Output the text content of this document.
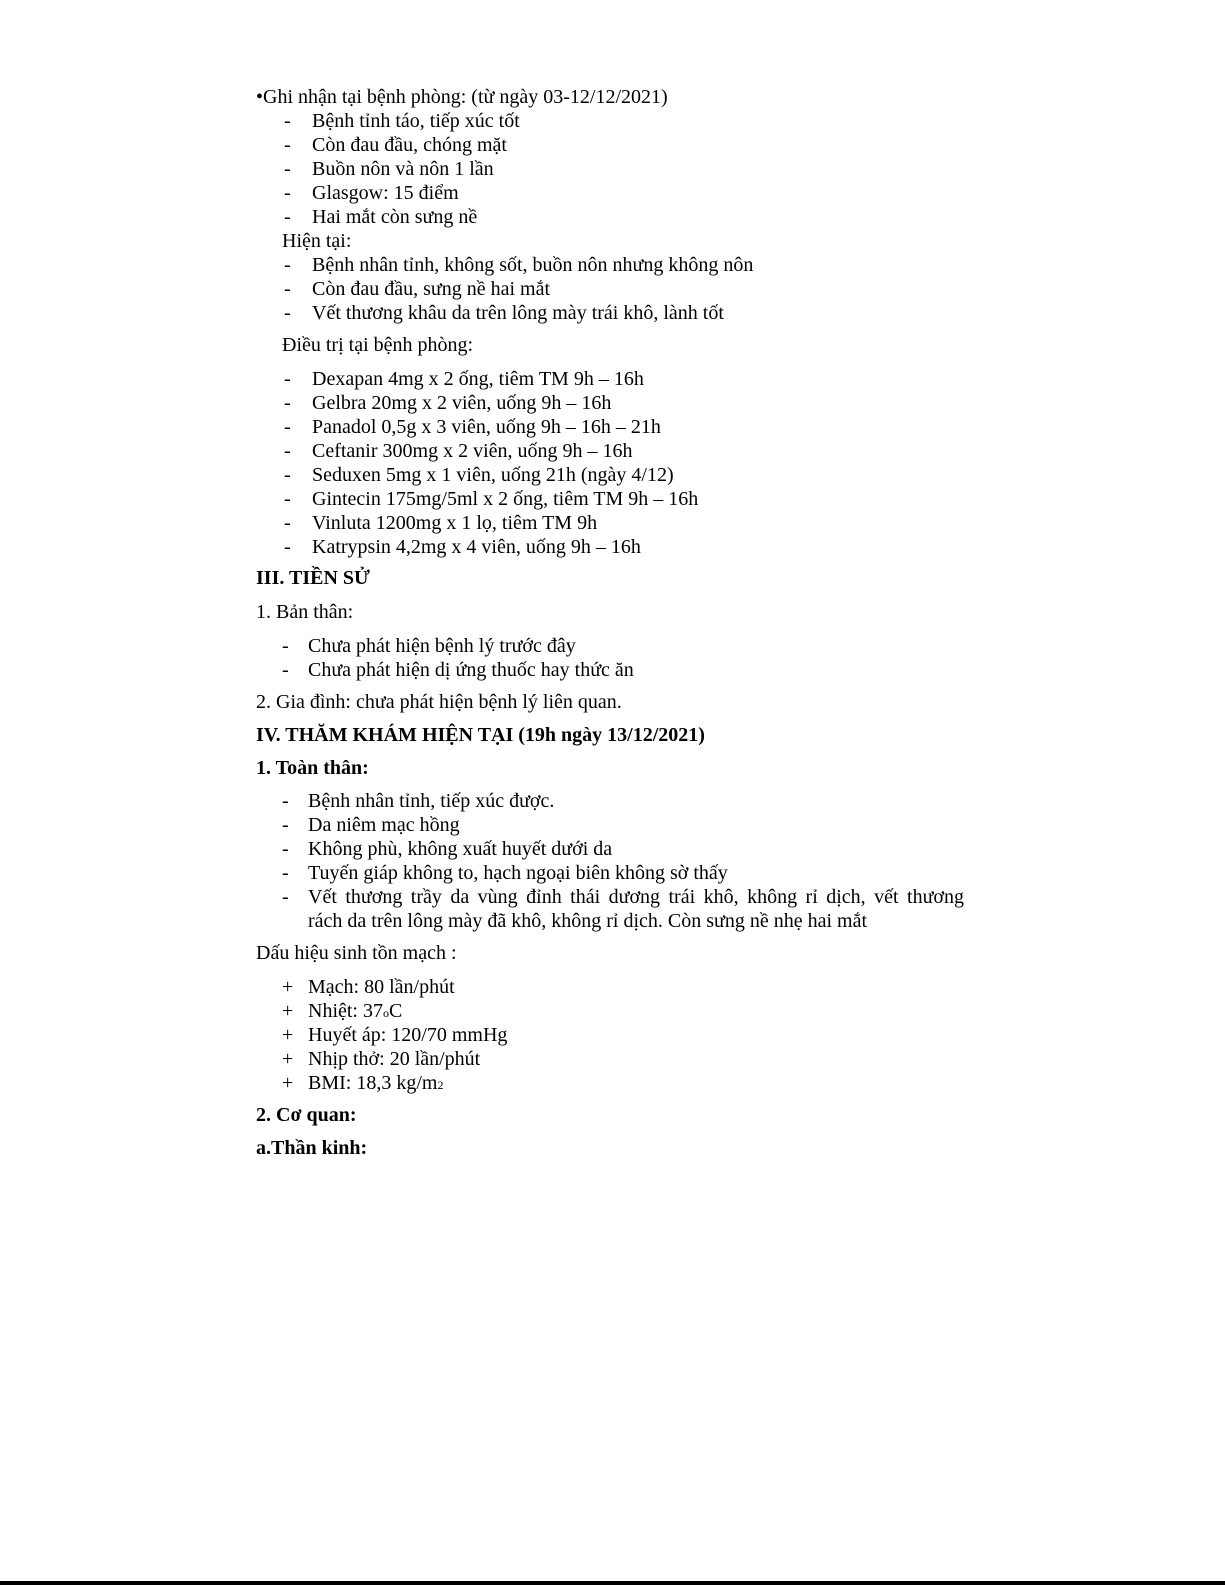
•Ghi nhận tại bệnh phòng: (từ ngày 03-12/12/2021)
- Bệnh tỉnh táo, tiếp xúc tốt
- Còn đau đầu, chóng mặt
- Buồn nôn và nôn 1 lần
- Glasgow: 15 điểm
- Hai mắt còn sưng nề
Hiện tại:
- Bệnh nhân tỉnh, không sốt, buồn nôn nhưng không nôn
- Còn đau đầu, sưng nề hai mắt
- Vết thương khâu da trên lông mày trái khô, lành tốt
Điều trị tại bệnh phòng:
- Dexapan 4mg x 2 ống, tiêm TM 9h – 16h
- Gelbra 20mg x 2 viên, uống 9h – 16h
- Panadol 0,5g x 3 viên, uống 9h – 16h – 21h
- Ceftanir 300mg x 2 viên, uống 9h – 16h
- Seduxen 5mg x 1 viên, uống 21h (ngày 4/12)
- Gintecin 175mg/5ml x 2 ống, tiêm TM 9h – 16h
- Vinluta 1200mg x 1 lọ, tiêm TM 9h
- Katrypsin 4,2mg x 4 viên, uống 9h – 16h
III. TIỀN SỬ
1. Bản thân:
- Chưa phát hiện bệnh lý trước đây
- Chưa phát hiện dị ứng thuốc hay thức ăn
2. Gia đình: chưa phát hiện bệnh lý liên quan.
IV. THĂM KHÁM HIỆN TẠI (19h ngày 13/12/2021)
1. Toàn thân:
- Bệnh nhân tỉnh, tiếp xúc được.
- Da niêm mạc hồng
- Không phù, không xuất huyết dưới da
- Tuyến giáp không to, hạch ngoại biên không sờ thấy
- Vết thương trầy da vùng đỉnh thái dương trái khô, không rỉ dịch, vết thương
rách da trên lông mày đã khô, không rỉ dịch. Còn sưng nề nhẹ hai mắt
Dấu hiệu sinh tồn mạch :
+ Mạch: 80 lần/phút
+ Nhiệt: 37oC
+ Huyết áp: 120/70 mmHg
+ Nhịp thở: 20 lần/phút
+ BMI: 18,3 kg/m2
2. Cơ quan:
a.Thần kinh:
